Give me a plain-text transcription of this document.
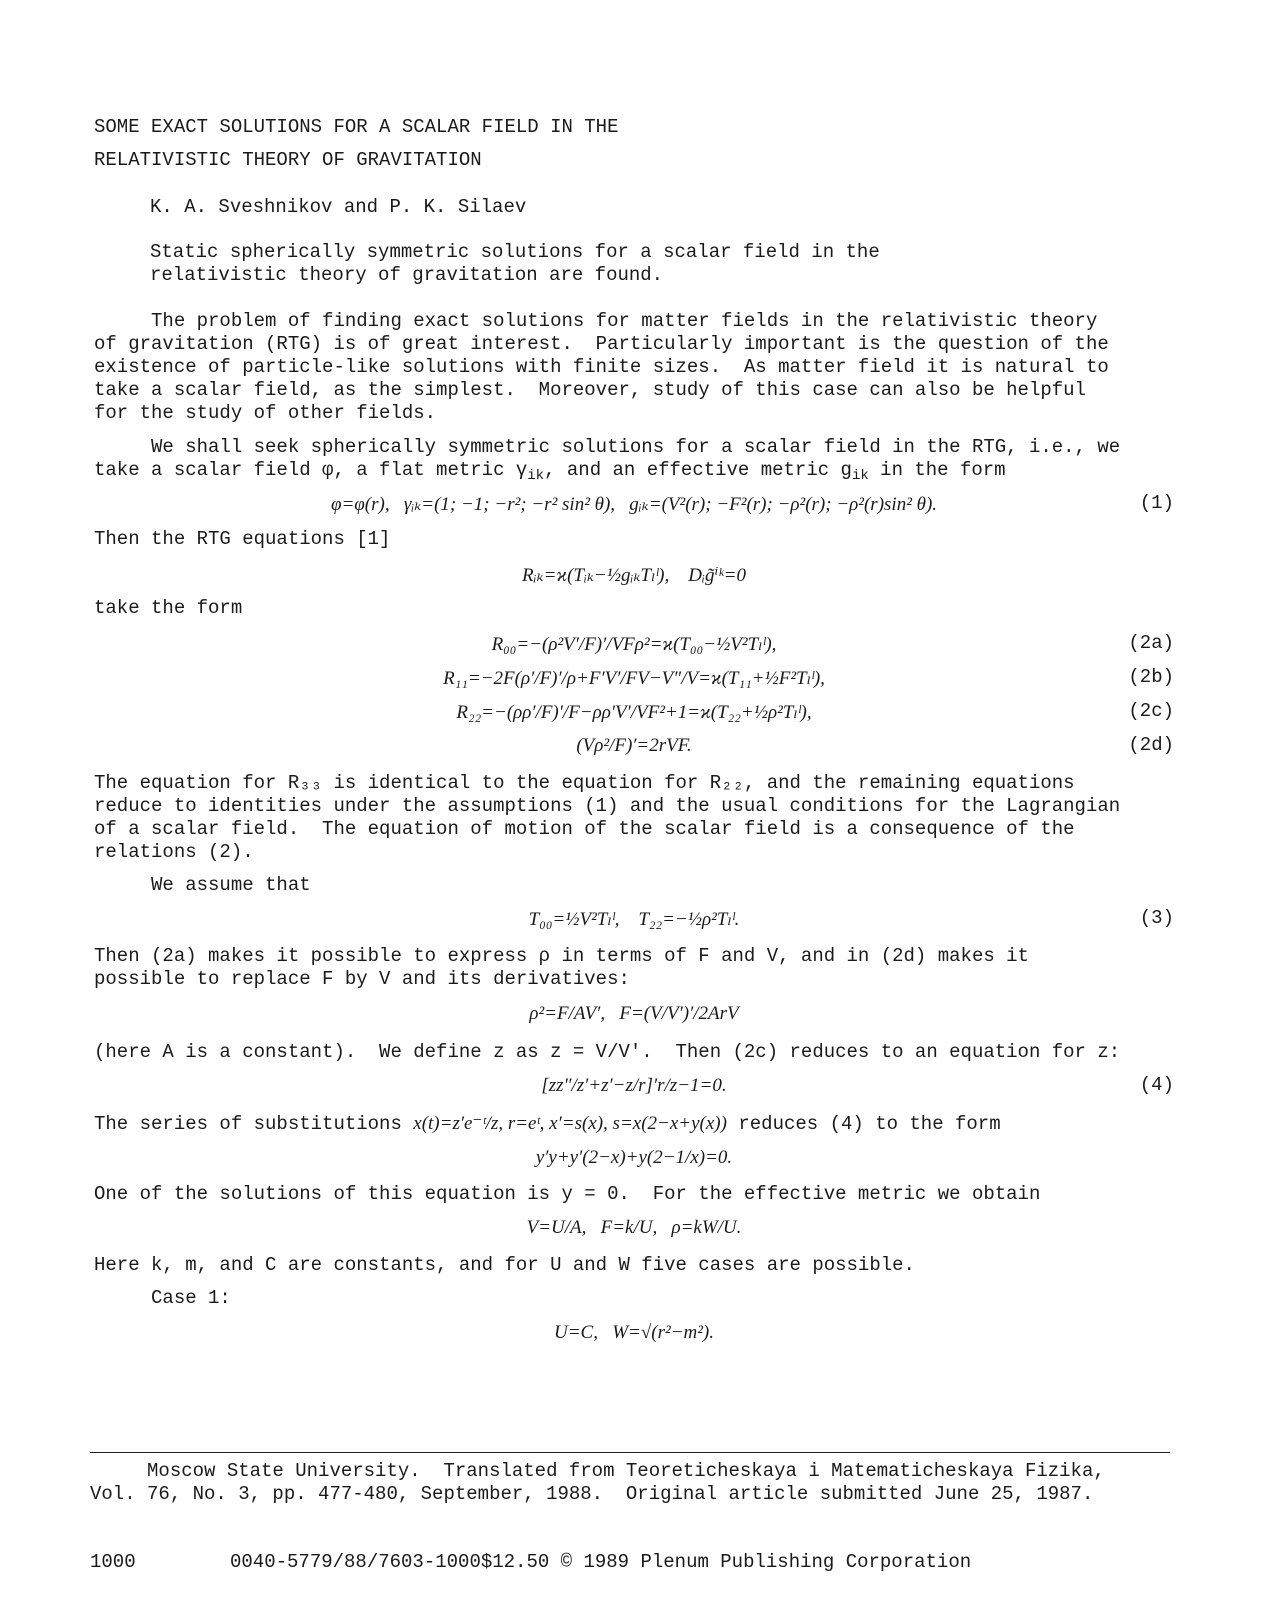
SOME EXACT SOLUTIONS FOR A SCALAR FIELD IN THE
RELATIVISTIC THEORY OF GRAVITATION
K. A. Sveshnikov and P. K. Silaev
Static spherically symmetric solutions for a scalar field in the
relativistic theory of gravitation are found.
The problem of finding exact solutions for matter fields in the relativistic theory
of gravitation (RTG) is of great interest.  Particularly important is the question of the
existence of particle-like solutions with finite sizes.  As matter field it is natural to
take a scalar field, as the simplest.  Moreover, study of this case can also be helpful
for the study of other fields.
We shall seek spherically symmetric solutions for a scalar field in the RTG, i.e., we
take a scalar field φ, a flat metric $\gamma_{ik}$, and an effective metric $g_{ik}$ in the form
φ=φ(r),   γᵢₖ=(1; −1; −r²; −r² sin² θ),   gᵢₖ=(V²(r); −F²(r); −ρ²(r); −ρ²(r)sin² θ).	(1)
Then the RTG equations [1]
Rᵢₖ=ϰ(Tᵢₖ−½gᵢₖTₗˡ),    Dᵢg̃ⁱᵏ=0
take the form
R₀₀=−(ρ²V′/F)′/VFρ²=ϰ(T₀₀−½V²Tₗˡ),	(2a)
R₁₁=−2F(ρ′/F)′/ρ+F′V′/FV−V″/V=ϰ(T₁₁+½F²Tₗˡ),	(2b)
R₂₂=−(ρρ′/F)′/F−ρρ′V′/VF²+1=ϰ(T₂₂+½ρ²Tₗˡ),	(2c)
(Vρ²/F)′=2rVF.	(2d)
The equation for R₃₃ is identical to the equation for R₂₂, and the remaining equations
reduce to identities under the assumptions (1) and the usual conditions for the Lagrangian
of a scalar field.  The equation of motion of the scalar field is a consequence of the
relations (2).
We assume that
T₀₀=½V²Tₗˡ,    T₂₂=−½ρ²Tₗˡ.	(3)
Then (2a) makes it possible to express ρ in terms of F and V, and in (2d) makes it
possible to replace F by V and its derivatives:
ρ²=F/AV′,   F=(V/V′)′/2ArV
(here A is a constant).  We define z as z = V/V′.  Then (2c) reduces to an equation for z:
[zz″/z′+z′−z/r]′r/z−1=0.	(4)
The series of substitutions x(t)=z′e⁻ᵗ/z, r=eᵗ, x′=s(x), s=x(2−x+y(x)) reduces (4) to the form
y′y+y′(2−x)+y(2−1/x)=0.
One of the solutions of this equation is y = 0.  For the effective metric we obtain
V=U/A,   F=k/U,   ρ=kW/U.
Here k, m, and C are constants, and for U and W five cases are possible.
Case 1:
U=C,   W=√(r²−m²).
Moscow State University.  Translated from Teoreticheskaya i Matematicheskaya Fizika,
Vol. 76, No. 3, pp. 477-480, September, 1988.  Original article submitted June 25, 1987.
1000	0040-5779/88/7603-1000$12.50 © 1989 Plenum Publishing Corporation
